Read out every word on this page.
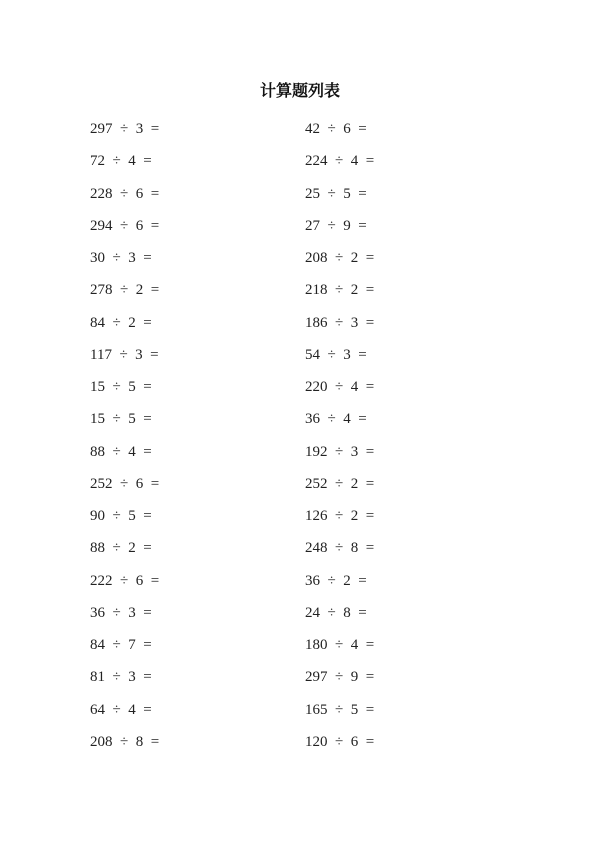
计算题列表
297  ÷  3  =
72  ÷  4  =
228  ÷  6  =
294  ÷  6  =
30  ÷  3  =
278  ÷  2  =
84  ÷  2  =
117  ÷  3  =
15  ÷  5  =
15  ÷  5  =
88  ÷  4  =
252  ÷  6  =
90  ÷  5  =
88  ÷  2  =
222  ÷  6  =
36  ÷  3  =
84  ÷  7  =
81  ÷  3  =
64  ÷  4  =
208  ÷  8  =
42  ÷  6  =
224  ÷  4  =
25  ÷  5  =
27  ÷  9  =
208  ÷  2  =
218  ÷  2  =
186  ÷  3  =
54  ÷  3  =
220  ÷  4  =
36  ÷  4  =
192  ÷  3  =
252  ÷  2  =
126  ÷  2  =
248  ÷  8  =
36  ÷  2  =
24  ÷  8  =
180  ÷  4  =
297  ÷  9  =
165  ÷  5  =
120  ÷  6  =
